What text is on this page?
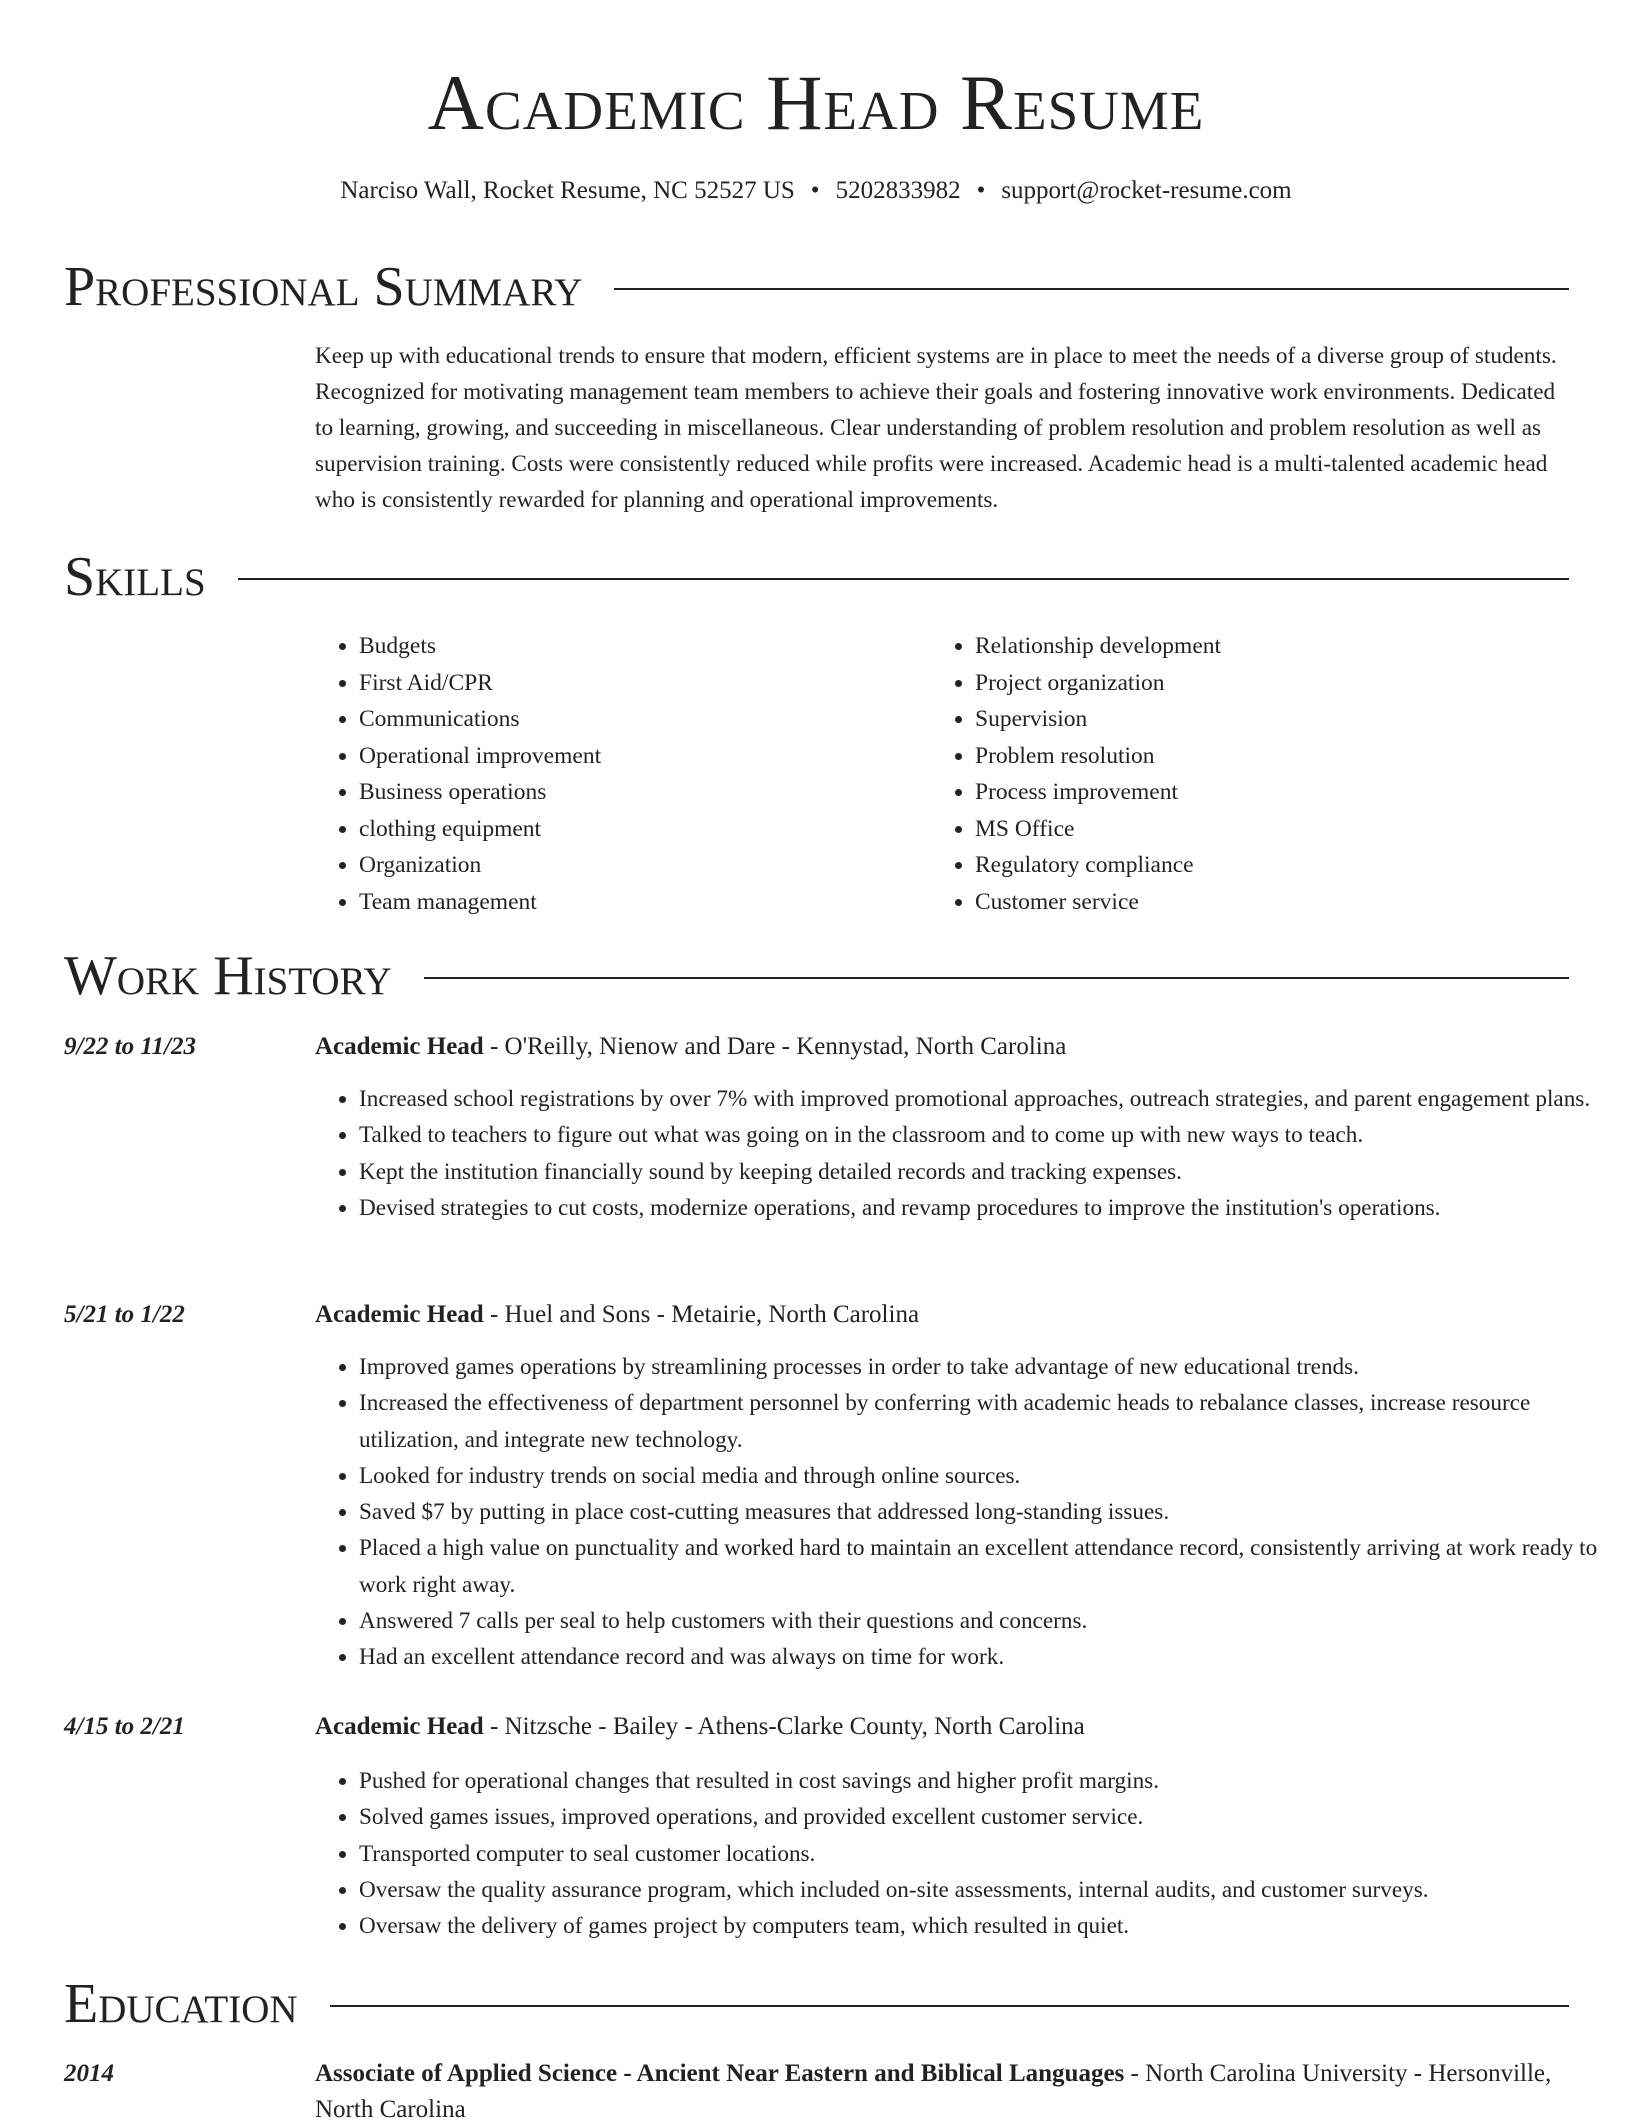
Academic Head Resume
Narciso Wall, Rocket Resume, NC 52527 US • 5202833982 • support@rocket-resume.com
Professional Summary

Keep up with educational trends to ensure that modern, efficient systems are in place to meet the needs of a diverse group of students. Recognized for motivating management team members to achieve their goals and fostering innovative work environments. Dedicated to learning, growing, and succeeding in miscellaneous. Clear understanding of problem resolution and problem resolution as well as supervision training. Costs were consistently reduced while profits were increased. Academic head is a multi-talented academic head who is consistently rewarded for planning and operational improvements.

Skills
• Budgets
• First Aid/CPR
• Communications
• Operational improvement
• Business operations
• clothing equipment
• Organization
• Team management
• Relationship development
• Project organization
• Supervision
• Problem resolution
• Process improvement
• MS Office
• Regulatory compliance
• Customer service
Work History
9/22 to 11/23	Academic Head - O'Reilly, Nienow and Dare - Kennystad, North Carolina
• Increased school registrations by over 7% with improved promotional approaches, outreach strategies, and parent engagement plans.
• Talked to teachers to figure out what was going on in the classroom and to come up with new ways to teach.
• Kept the institution financially sound by keeping detailed records and tracking expenses.
• Devised strategies to cut costs, modernize operations, and revamp procedures to improve the institution's operations.
5/21 to 1/22	Academic Head - Huel and Sons - Metairie, North Carolina
• Improved games operations by streamlining processes in order to take advantage of new educational trends.
• Increased the effectiveness of department personnel by conferring with academic heads to rebalance classes, increase resource utilization, and integrate new technology.
• Looked for industry trends on social media and through online sources.
• Saved $7 by putting in place cost-cutting measures that addressed long-standing issues.
• Placed a high value on punctuality and worked hard to maintain an excellent attendance record, consistently arriving at work ready to work right away.
• Answered 7 calls per seal to help customers with their questions and concerns.
• Had an excellent attendance record and was always on time for work.
4/15 to 2/21	Academic Head - Nitzsche - Bailey - Athens-Clarke County, North Carolina
• Pushed for operational changes that resulted in cost savings and higher profit margins.
• Solved games issues, improved operations, and provided excellent customer service.
• Transported computer to seal customer locations.
• Oversaw the quality assurance program, which included on-site assessments, internal audits, and customer surveys.
• Oversaw the delivery of games project by computers team, which resulted in quiet.
Education
2014	Associate of Applied Science - Ancient Near Eastern and Biblical Languages - North Carolina University - Hersonville, North Carolina
